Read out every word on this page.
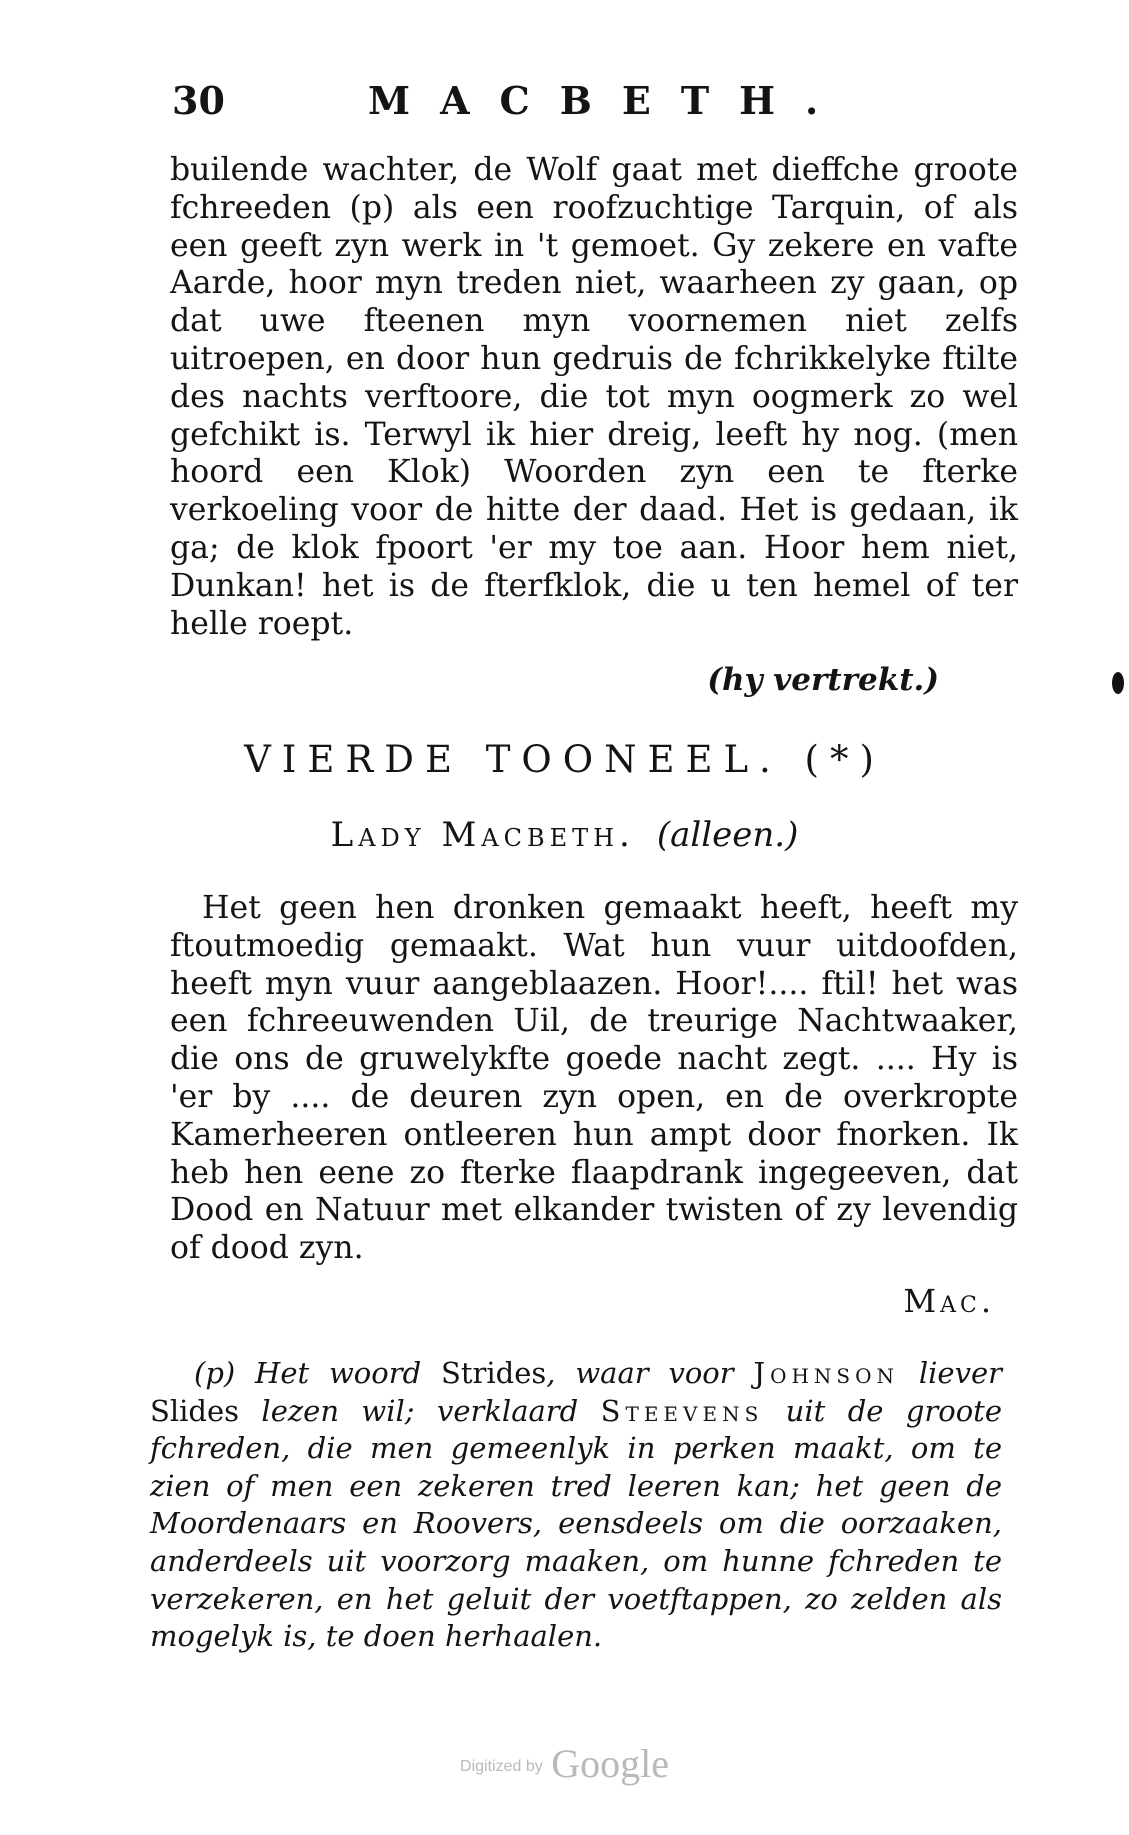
30	MACBETH.

builende wachter, de Wolf gaat met dieffche groote fchreeden (p) als een roofzuchtige Tarquin, of als een geeft zyn werk in 't gemoet. Gy zekere en vafte Aarde, hoor myn treden niet, waarheen zy gaan, op dat uwe fteenen myn voornemen niet zelfs uitroepen, en door hun gedruis de fchrikkelyke ftilte des nachts verftoore, die tot myn oogmerk zo wel gefchikt is. Terwyl ik hier dreig, leeft hy nog. (men hoord een Klok) Woorden zyn een te fterke verkoeling voor de hitte der daad. Het is gedaan, ik ga; de klok fpoort 'er my toe aan. Hoor hem niet, Dunkan! het is de fterfklok, die u ten hemel of ter helle roept.

(hy vertrekt.)
VIERDE TOONEEL. (*)
Lady Macbeth. (alleen.)

Het geen hen dronken gemaakt heeft, heeft my ftoutmoedig gemaakt. Wat hun vuur uitdoofden, heeft myn vuur aangeblaazen. Hoor!.... ftil! het was een fchreeuwenden Uil, de treurige Nachtwaaker, die ons de gruwelykfte goede nacht zegt. .... Hy is 'er by .... de deuren zyn open, en de overkropte Kamerheeren ontleeren hun ampt door fnorken. Ik heb hen eene zo fterke flaapdrank ingegeeven, dat Dood en Natuur met elkander twisten of zy levendig of dood zyn.

Mac.

(p) Het woord Strides, waar voor Johnson liever Slides lezen wil; verklaard Steevens uit de groote fchreden, die men gemeenlyk in perken maakt, om te zien of men een zekeren tred leeren kan; het geen de Moordenaars en Roovers, eensdeels om die oorzaaken, anderdeels uit voorzorg maaken, om hunne fchreden te verzekeren, en het geluit der voetftappen, zo zelden als mogelyk is, te doen herhaalen.

Digitized by Google
